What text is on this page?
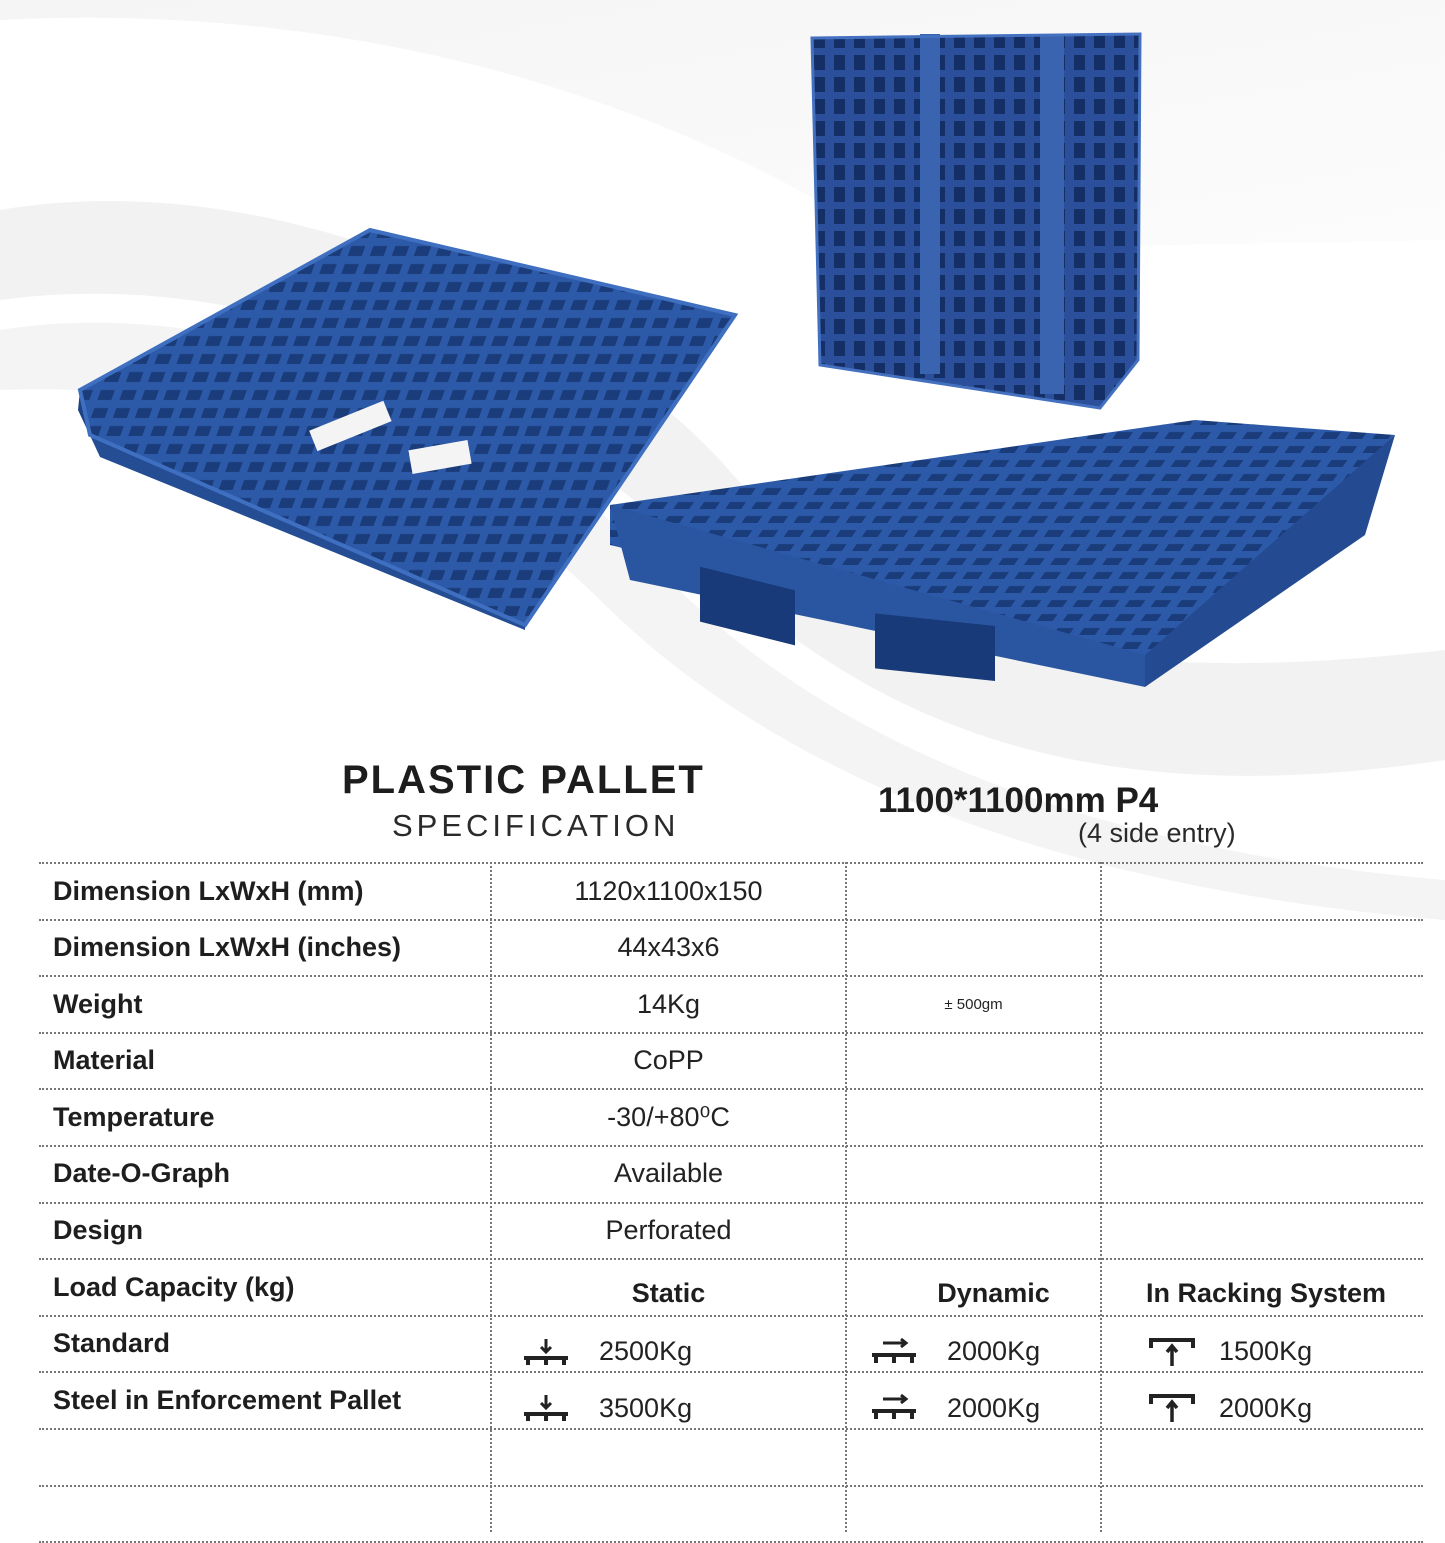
PLASTIC PALLET
SPECIFICATION
1100*1100mm P4
(4 side entry)
Dimension LxWxH (mm)	1120x1100x150
Dimension LxWxH (inches)	44x43x6
Weight	14Kg	± 500gm
Material	CoPP
Temperature	-30/+80⁰C
Date-O-Graph	Available
Design	Perforated
Load Capacity (kg)	Static	Dynamic	In Racking System
Standard	2500Kg	2000Kg	1500Kg
Steel in Enforcement Pallet	3500Kg	2000Kg	2000Kg
